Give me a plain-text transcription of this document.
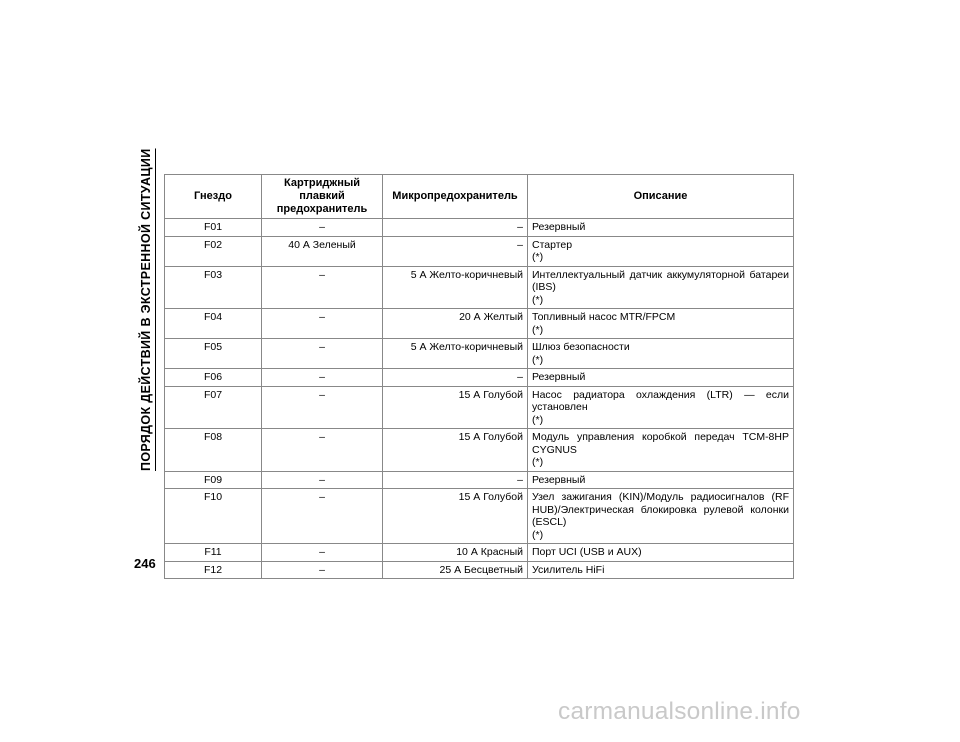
ПОРЯДОК ДЕЙСТВИЙ В ЭКСТРЕННОЙ СИТУАЦИИ
246
Гнездо	Картриджный плавкий предохранитель	Микропредохранитель	Описание
F01	–	–	Резервный

F02	40 А Зеленый	–	Стартер
(*)

F03	–	5 А Желто-коричневый	Интеллектуальный датчик аккумуляторной батареи (IBS)
(*)

F04	–	20 А Желтый	Топливный насос MTR/FPCM
(*)

F05	–	5 А Желто-коричневый	Шлюз безопасности
(*)

F06	–	–	Резервный

F07	–	15 А Голубой	Насос радиатора охлаждения (LTR) — если установлен
(*)

F08	–	15 А Голубой	Модуль управления коробкой передач TCM-8HP CYGNUS
(*)

F09	–	–	Резервный

F10	–	15 А Голубой	Узел зажигания (KIN)/Модуль радиосигналов (RF HUB)/Электрическая блокировка рулевой колонки (ESCL)
(*)

F11	–	10 А Красный	Порт UCI (USB и AUX)

F12	–	25 А Бесцветный	Усилитель HiFi
carmanualsonline.info
